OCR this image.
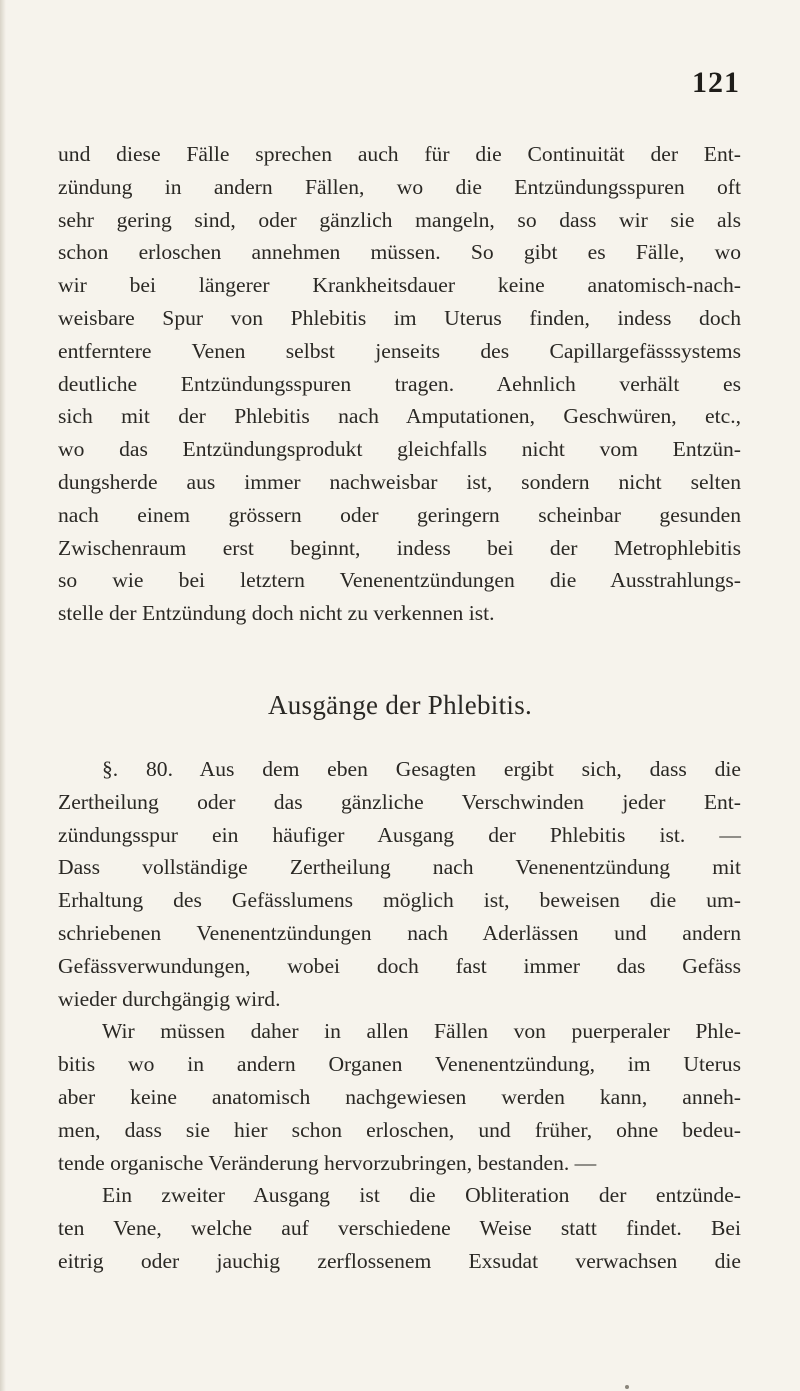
121
und diese Fälle sprechen auch für die Continuität der Ent-
zündung in andern Fällen, wo die Entzündungsspuren oft
sehr gering sind, oder gänzlich mangeln, so dass wir sie als
schon erloschen annehmen müssen. So gibt es Fälle, wo
wir bei längerer Krankheitsdauer keine anatomisch-nach-
weisbare Spur von Phlebitis im Uterus finden, indess doch
entferntere Venen selbst jenseits des Capillargefässsystems
deutliche Entzündungsspuren tragen. Aehnlich verhält es
sich mit der Phlebitis nach Amputationen, Geschwüren, etc.,
wo das Entzündungsprodukt gleichfalls nicht vom Entzün-
dungsherde aus immer nachweisbar ist, sondern nicht selten
nach einem grössern oder geringern scheinbar gesunden
Zwischenraum erst beginnt, indess bei der Metrophlebitis
so wie bei letztern Venenentzündungen die Ausstrahlungs-
stelle der Entzündung doch nicht zu verkennen ist.
Ausgänge der Phlebitis.
§. 80. Aus dem eben Gesagten ergibt sich, dass die
Zertheilung oder das gänzliche Verschwinden jeder Ent-
zündungsspur ein häufiger Ausgang der Phlebitis ist. —
Dass vollständige Zertheilung nach Venenentzündung mit
Erhaltung des Gefässlumens möglich ist, beweisen die um-
schriebenen Venenentzündungen nach Aderlässen und andern
Gefässverwundungen, wobei doch fast immer das Gefäss
wieder durchgängig wird.
Wir müssen daher in allen Fällen von puerperaler Phle-
bitis wo in andern Organen Venenentzündung, im Uterus
aber keine anatomisch nachgewiesen werden kann, anneh-
men, dass sie hier schon erloschen, und früher, ohne bedeu-
tende organische Veränderung hervorzubringen, bestanden. —
Ein zweiter Ausgang ist die Obliteration der entzünde-
ten Vene, welche auf verschiedene Weise statt findet. Bei
eitrig oder jauchig zerflossenem Exsudat verwachsen die
